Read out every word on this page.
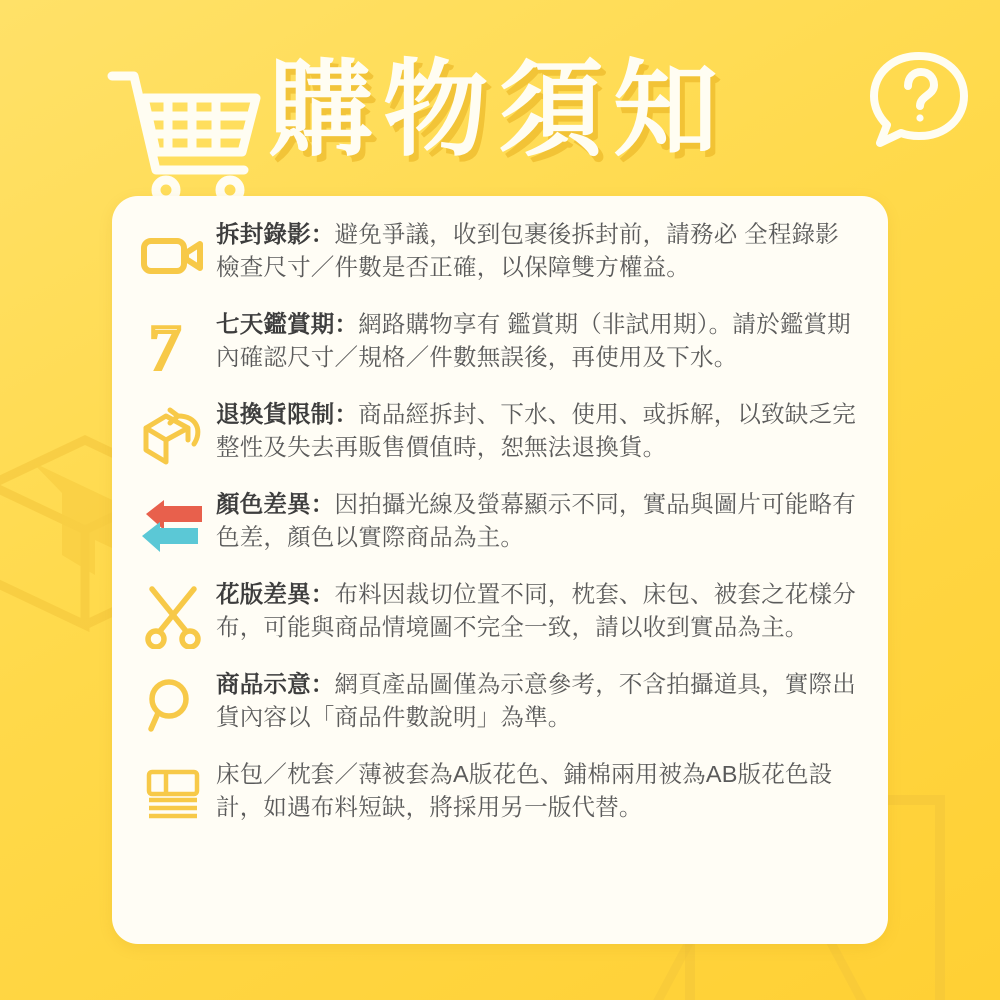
購物須知
拆封錄影：避免爭議，收到包裹後拆封前，請務必 全程錄影 檢查尺寸／件數是否正確，以保障雙方權益。
7 七天鑑賞期：網路購物享有 鑑賞期（非試用期）。請於鑑賞期內確認尺寸／規格／件數無誤後，再使用及下水。
退換貨限制：商品經拆封、下水、使用、或拆解，以致缺乏完整性及失去再販售價值時，恕無法退換貨。
顏色差異：因拍攝光線及螢幕顯示不同，實品與圖片可能略有色差，顏色以實際商品為主。
花版差異：布料因裁切位置不同，枕套、床包、被套之花樣分布，可能與商品情境圖不完全一致，請以收到實品為主。
商品示意：網頁產品圖僅為示意參考，不含拍攝道具，實際出貨內容以「商品件數說明」為準。
床包／枕套／薄被套為A版花色、鋪棉兩用被為AB版花色設計，如遇布料短缺，將採用另一版代替。
